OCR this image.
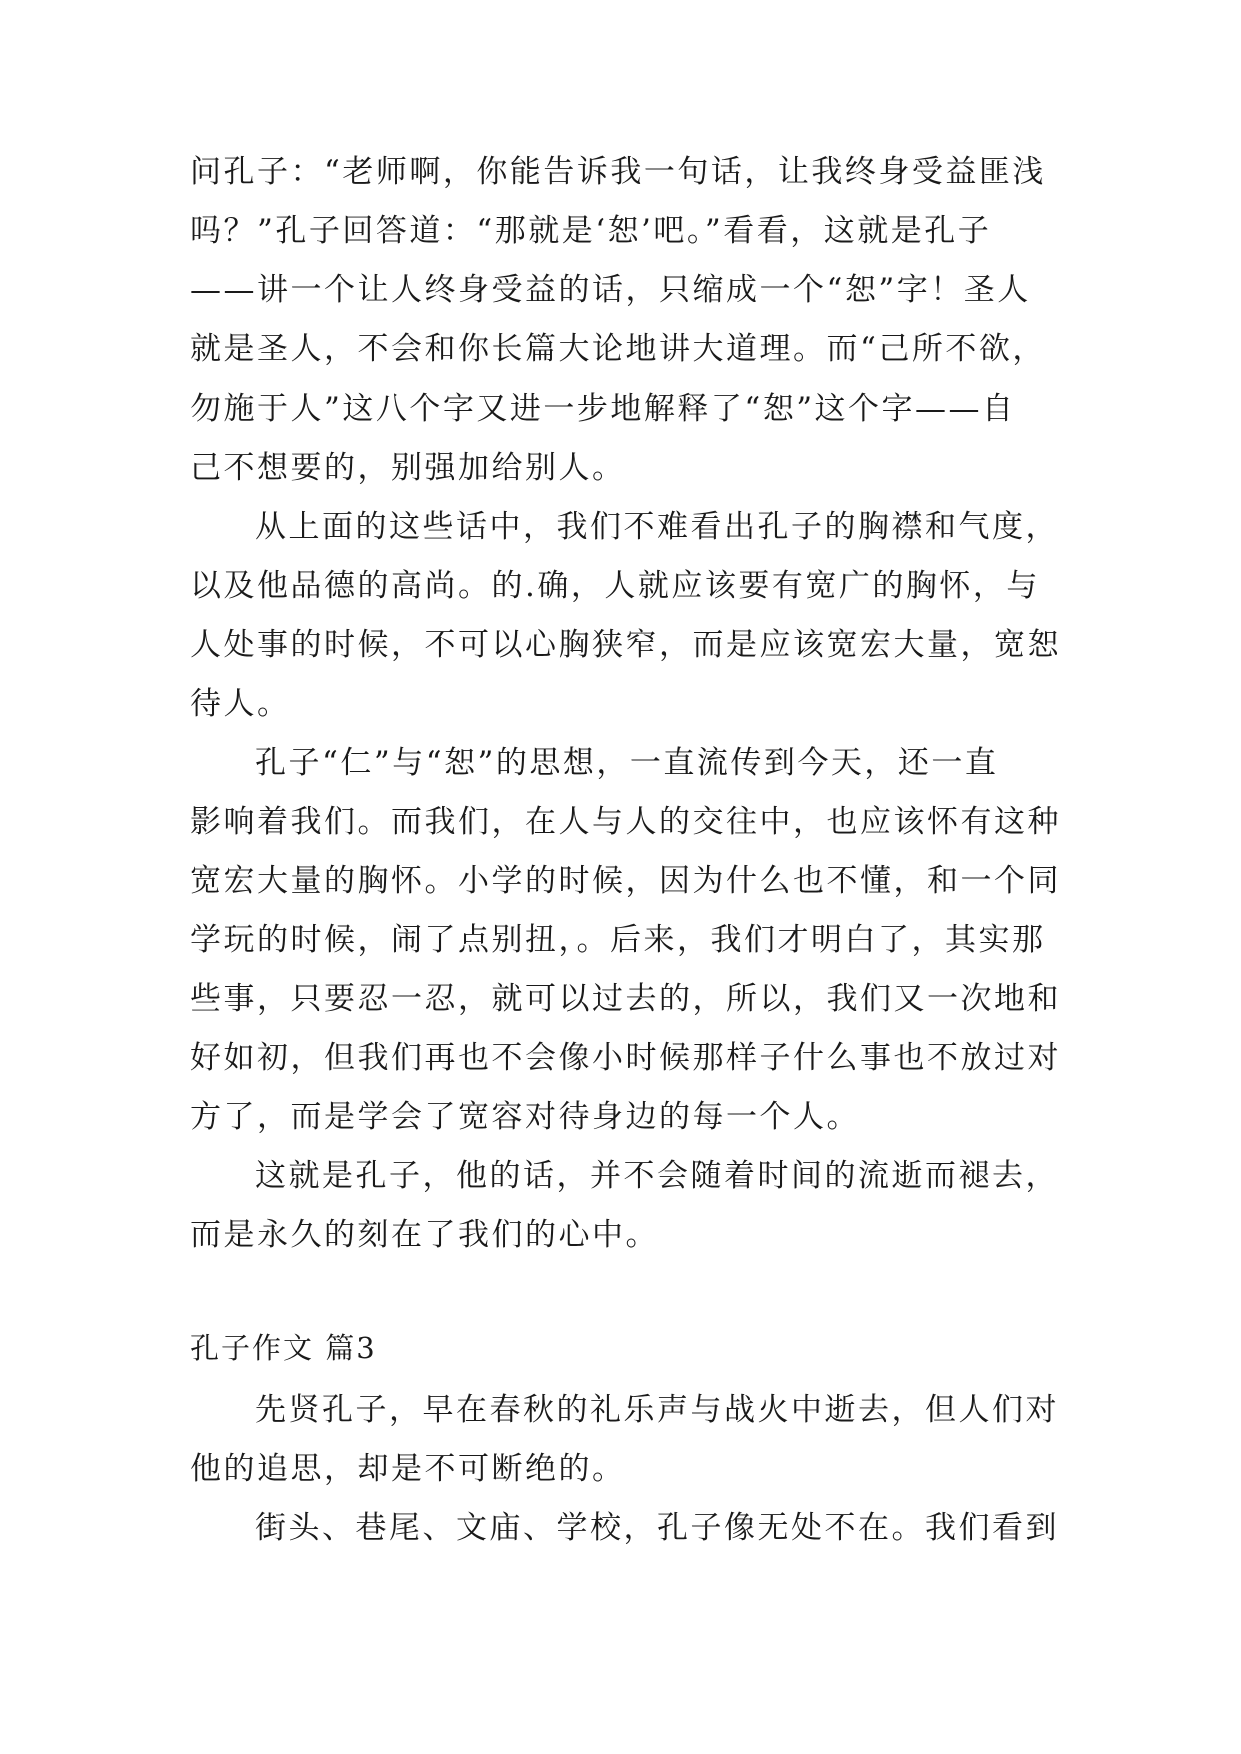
问孔子：“老师啊，你能告诉我一句话，让我终身受益匪浅
吗？”孔子回答道：“那就是‘恕’吧。”看看，这就是孔子
——讲一个让人终身受益的话，只缩成一个“恕”字！圣人
就是圣人，不会和你长篇大论地讲大道理。而“己所不欲，
勿施于人”这八个字又进一步地解释了“恕”这个字——自
己不想要的，别强加给别人。
从上面的这些话中，我们不难看出孔子的胸襟和气度，
以及他品德的高尚。的.确，人就应该要有宽广的胸怀，与
人处事的时候，不可以心胸狭窄，而是应该宽宏大量，宽恕
待人。
孔子“仁”与“恕”的思想，一直流传到今天，还一直
影响着我们。而我们，在人与人的交往中，也应该怀有这种
宽宏大量的胸怀。小学的时候，因为什么也不懂，和一个同
学玩的时候，闹了点别扭，。后来，我们才明白了，其实那
些事，只要忍一忍，就可以过去的，所以，我们又一次地和
好如初，但我们再也不会像小时候那样子什么事也不放过对
方了，而是学会了宽容对待身边的每一个人。
这就是孔子，他的话，并不会随着时间的流逝而褪去，
而是永久的刻在了我们的心中。
孔子作文 篇3
先贤孔子，早在春秋的礼乐声与战火中逝去，但人们对
他的追思，却是不可断绝的。
街头、巷尾、文庙、学校，孔子像无处不在。我们看到
